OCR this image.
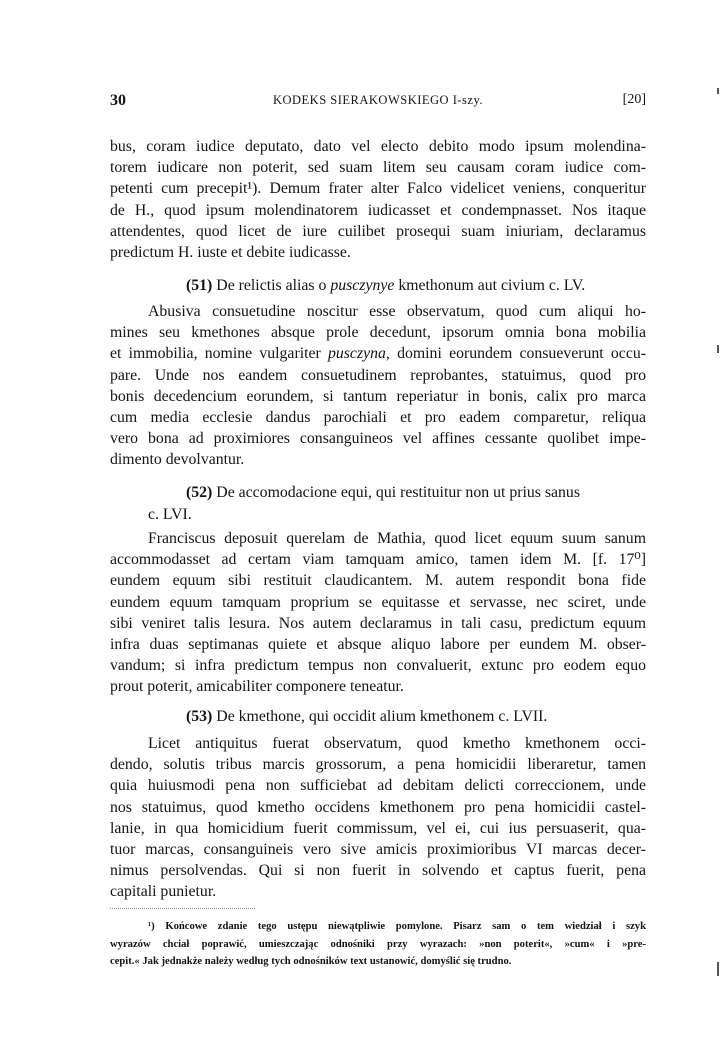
30	KODEKS SIERAKOWSKIEGO I-szy.	[20]
bus, coram iudice deputato, dato vel electo debito modo ipsum molendina-
torem iudicare non poterit, sed suam litem seu causam coram iudice com-
petenti cum precepit¹). Demum frater alter Falco videlicet veniens, conqueritur
de H., quod ipsum molendinatorem iudicasset et condempnasset. Nos itaque
attendentes, quod licet de iure cuilibet prosequi suam iniuriam, declaramus
predictum H. iuste et debite iudicasse.
(51) De relictis alias o pusczynye kmethonum aut civium c. LV.
Abusiva consuetudine noscitur esse observatum, quod cum aliqui ho-
mines seu kmethones absque prole decedunt, ipsorum omnia bona mobilia
et immobilia, nomine vulgariter pusczyna, domini eorundem consueverunt occu-
pare. Unde nos eandem consuetudinem reprobantes, statuimus, quod pro
bonis decedencium eorundem, si tantum reperiatur in bonis, calix pro marca
cum media ecclesie dandus parochiali et pro eadem comparetur, reliqua
vero bona ad proximiores consanguineos vel affines cessante quolibet impe-
dimento devolvantur.
(52) De accomodacione equi, qui restituitur non ut prius sanus
c. LVI.
Franciscus deposuit querelam de Mathia, quod licet equum suum sanum
accommodasset ad certam viam tamquam amico, tamen idem M. [f. 17⁰]
eundem equum sibi restituit claudicantem. M. autem respondit bona fide
eundem equum tamquam proprium se equitasse et servasse, nec sciret, unde
sibi veniret talis lesura. Nos autem declaramus in tali casu, predictum equum
infra duas septimanas quiete et absque aliquo labore per eundem M. obser-
vandum; si infra predictum tempus non convaluerit, extunc pro eodem equo
prout poterit, amicabiliter componere teneatur.
(53) De kmethone, qui occidit alium kmethonem c. LVII.
Licet antiquitus fuerat observatum, quod kmetho kmethonem occi-
dendo, solutis tribus marcis grossorum, a pena homicidii liberaretur, tamen
quia huiusmodi pena non sufficiebat ad debitam delicti correccionem, unde
nos statuimus, quod kmetho occidens kmethonem pro pena homicidii castel-
lanie, in qua homicidium fuerit commissum, vel ei, cui ius persuaserit, qua-
tuor marcas, consanguineis vero sive amicis proximioribus VI marcas decer-
nimus persolvendas. Qui si non fuerit in solvendo et captus fuerit, pena
capitali punietur.
¹) Końcowe zdanie tego ustępu niewątpliwie pomylone. Pisarz sam o tem wiedział i szyk
wyrazów chciał poprawić, umieszczając odnośniki przy wyrazach: »non poterit«, »cum« i »pre-
cepit.« Jak jednakże należy według tych odnośników text ustanowić, domyślić się trudno.
